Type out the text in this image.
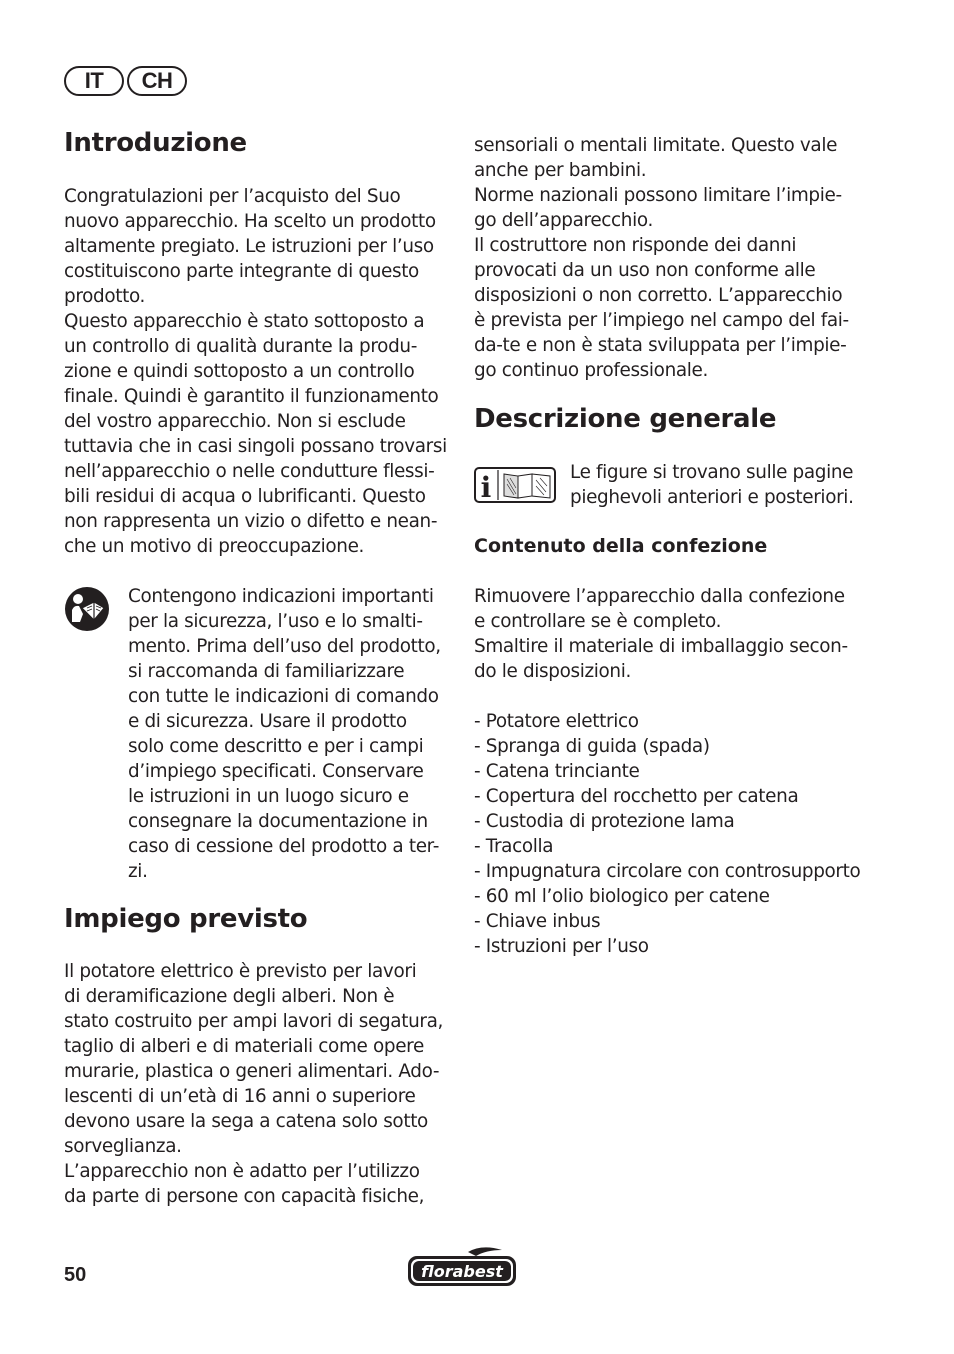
IT	CH
Introduzione
Congratulazioni per l’acquisto del Suo
nuovo apparecchio. Ha scelto un prodotto
altamente pregiato. Le istruzioni per l’uso
costituiscono parte integrante di questo
prodotto.
Questo apparecchio è stato sottoposto a
un controllo di qualità durante la produ-
zione e quindi sottoposto a un controllo
finale. Quindi è garantito il funzionamento
del vostro apparecchio. Non si esclude
tuttavia che in casi singoli possano trovarsi
nell’apparecchio o nelle condutture flessi-
bili residui di acqua o lubrificanti. Questo
non rappresenta un vizio o difetto e nean-
che un motivo di preoccupazione.
Contengono indicazioni importanti
per la sicurezza, l’uso e lo smalti-
mento. Prima dell’uso del prodotto,
si raccomanda di familiarizzare
con tutte le indicazioni di comando
e di sicurezza. Usare il prodotto
solo come descritto e per i campi
d’impiego specificati. Conservare
le istruzioni in un luogo sicuro e
consegnare la documentazione in
caso di cessione del prodotto a ter-
zi.
Impiego previsto
Il potatore elettrico è previsto per lavori
di deramificazione degli alberi. Non è
stato costruito per ampi lavori di segatura,
taglio di alberi e di materiali come opere
murarie, plastica o generi alimentari. Ado-
lescenti di un’età di 16 anni o superiore
devono usare la sega a catena solo sotto
sorveglianza.
L’apparecchio non è adatto per l’utilizzo
da parte di persone con capacità fisiche,
sensoriali o mentali limitate. Questo vale
anche per bambini.
Norme nazionali possono limitare l’impie-
go dell’apparecchio.
Il costruttore non risponde dei danni
provocati da un uso non conforme alle
disposizioni o non corretto. L’apparecchio
è prevista per l’impiego nel campo del fai-
da-te e non è stata sviluppata per l’impie-
go continuo professionale.
Descrizione generale
i	Le figure si trovano sulle pagine
pieghevoli anteriori e posteriori.
Contenuto della confezione
Rimuovere l’apparecchio dalla confezione
e controllare se è completo.
Smaltire il materiale di imballaggio secon-
do le disposizioni.
- Potatore elettrico
- Spranga di guida (spada)
- Catena trinciante
- Copertura del rocchetto per catena
- Custodia di protezione lama
- Tracolla
- Impugnatura circolare con controsupporto
- 60 ml l’olio biologico per catene
- Chiave inbus
- Istruzioni per l’uso
50	florabest
